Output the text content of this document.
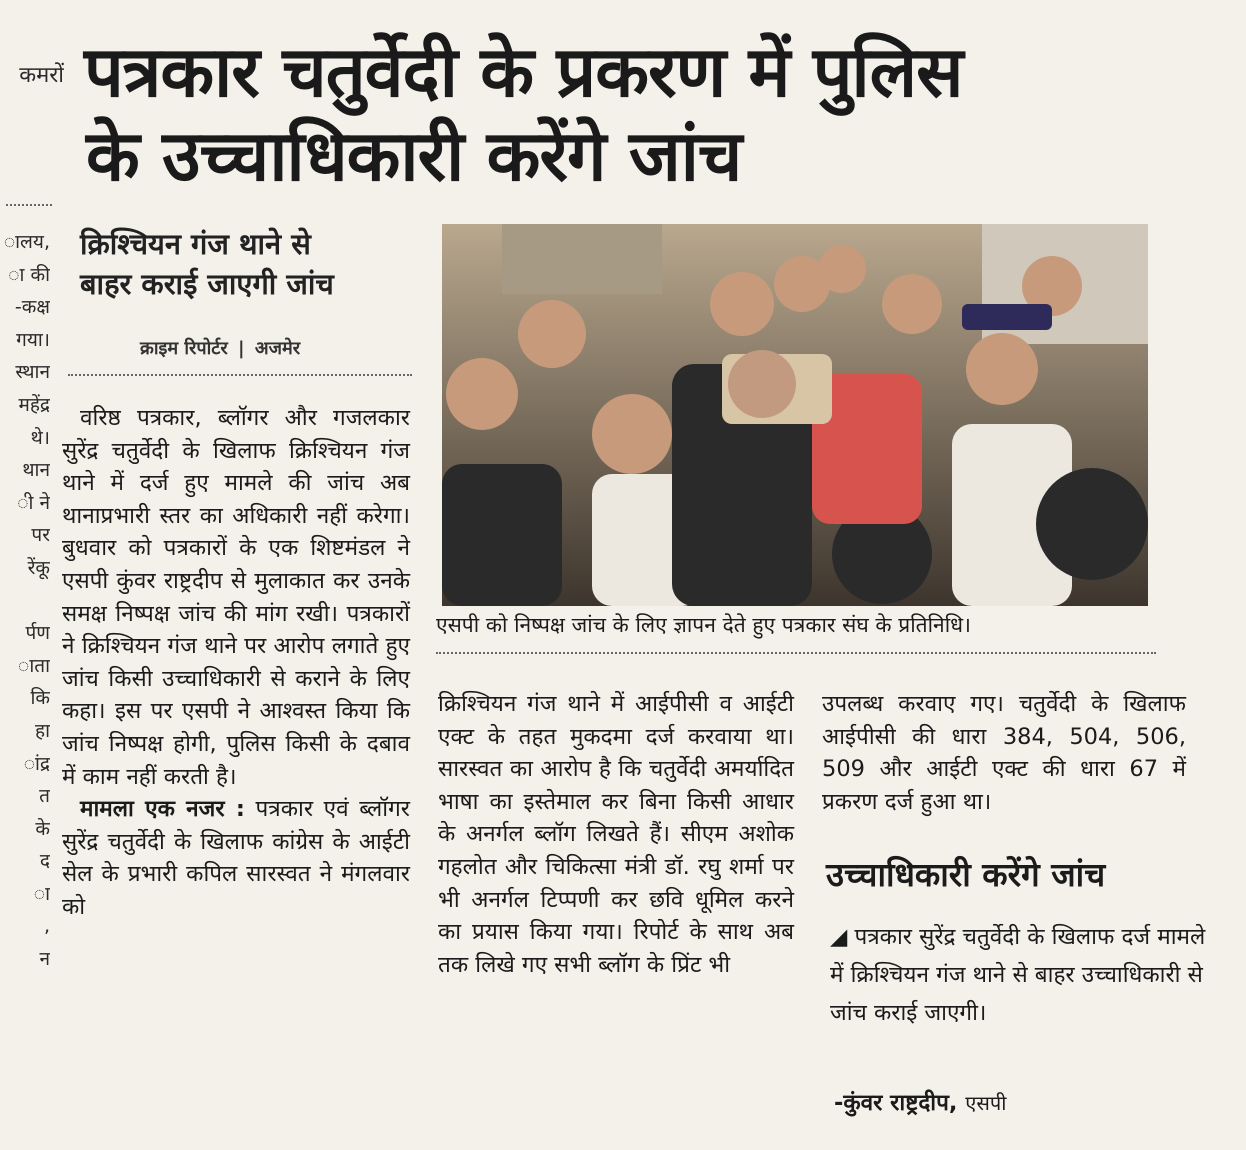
कमरों
ालय,
ा की
-कक्ष
गया।
स्थान
महेंद्र
थे।
थान
ी ने
पर
रेंकू

र्पण
ाता
कि
हा
ांद्र
त
के
द
ा
,
न
पत्रकार चतुर्वेदी के प्रकरण में पुलिस
के उच्चाधिकारी करेंगे जांच
क्रिश्चियन गंज थाने से
बाहर कराई जाएगी जांच
क्राइम रिपोर्टर | अजमेर

वरिष्ठ पत्रकार, ब्लॉगर और गजलकार सुरेंद्र चतुर्वेदी के खिलाफ क्रिश्चियन गंज थाने में दर्ज हुए मामले की जांच अब थानाप्रभारी स्तर का अधिकारी नहीं करेगा। बुधवार को पत्रकारों के एक शिष्टमंडल ने एसपी कुंवर राष्ट्रदीप से मुलाकात कर उनके समक्ष निष्पक्ष जांच की मांग रखी। पत्रकारों ने क्रिश्चियन गंज थाने पर आरोप लगाते हुए जांच किसी उच्चाधिकारी से कराने के लिए कहा। इस पर एसपी ने आश्वस्त किया कि जांच निष्पक्ष होगी, पुलिस किसी के दबाव में काम नहीं करती है।

मामला एक नजर : पत्रकार एवं ब्लॉगर सुरेंद्र चतुर्वेदी के खिलाफ कांग्रेस के आईटी सेल के प्रभारी कपिल सारस्वत ने मंगलवार को

एसपी को निष्पक्ष जांच के लिए ज्ञापन देते हुए पत्रकार संघ के प्रतिनिधि।

क्रिश्चियन गंज थाने में आईपीसी व आईटी एक्ट के तहत मुकदमा दर्ज करवाया था। सारस्वत का आरोप है कि चतुर्वेदी अमर्यादित भाषा का इस्तेमाल कर बिना किसी आधार के अनर्गल ब्लॉग लिखते हैं। सीएम अशोक गहलोत और चिकित्सा मंत्री डॉ. रघु शर्मा पर भी अनर्गल टिप्पणी कर छवि धूमिल करने का प्रयास किया गया। रिपोर्ट के साथ अब तक लिखे गए सभी ब्लॉग के प्रिंट भी

उपलब्ध करवाए गए। चतुर्वेदी के खिलाफ आईपीसी की धारा 384, 504, 506, 509 और आईटी एक्ट की धारा 67 में प्रकरण दर्ज हुआ था।

उच्चाधिकारी करेंगे जांच
◢ पत्रकार सुरेंद्र चतुर्वेदी के खिलाफ दर्ज मामले में क्रिश्चियन गंज थाने से बाहर उच्चाधिकारी से जांच कराई जाएगी।
-कुंवर राष्ट्रदीप, एसपी
